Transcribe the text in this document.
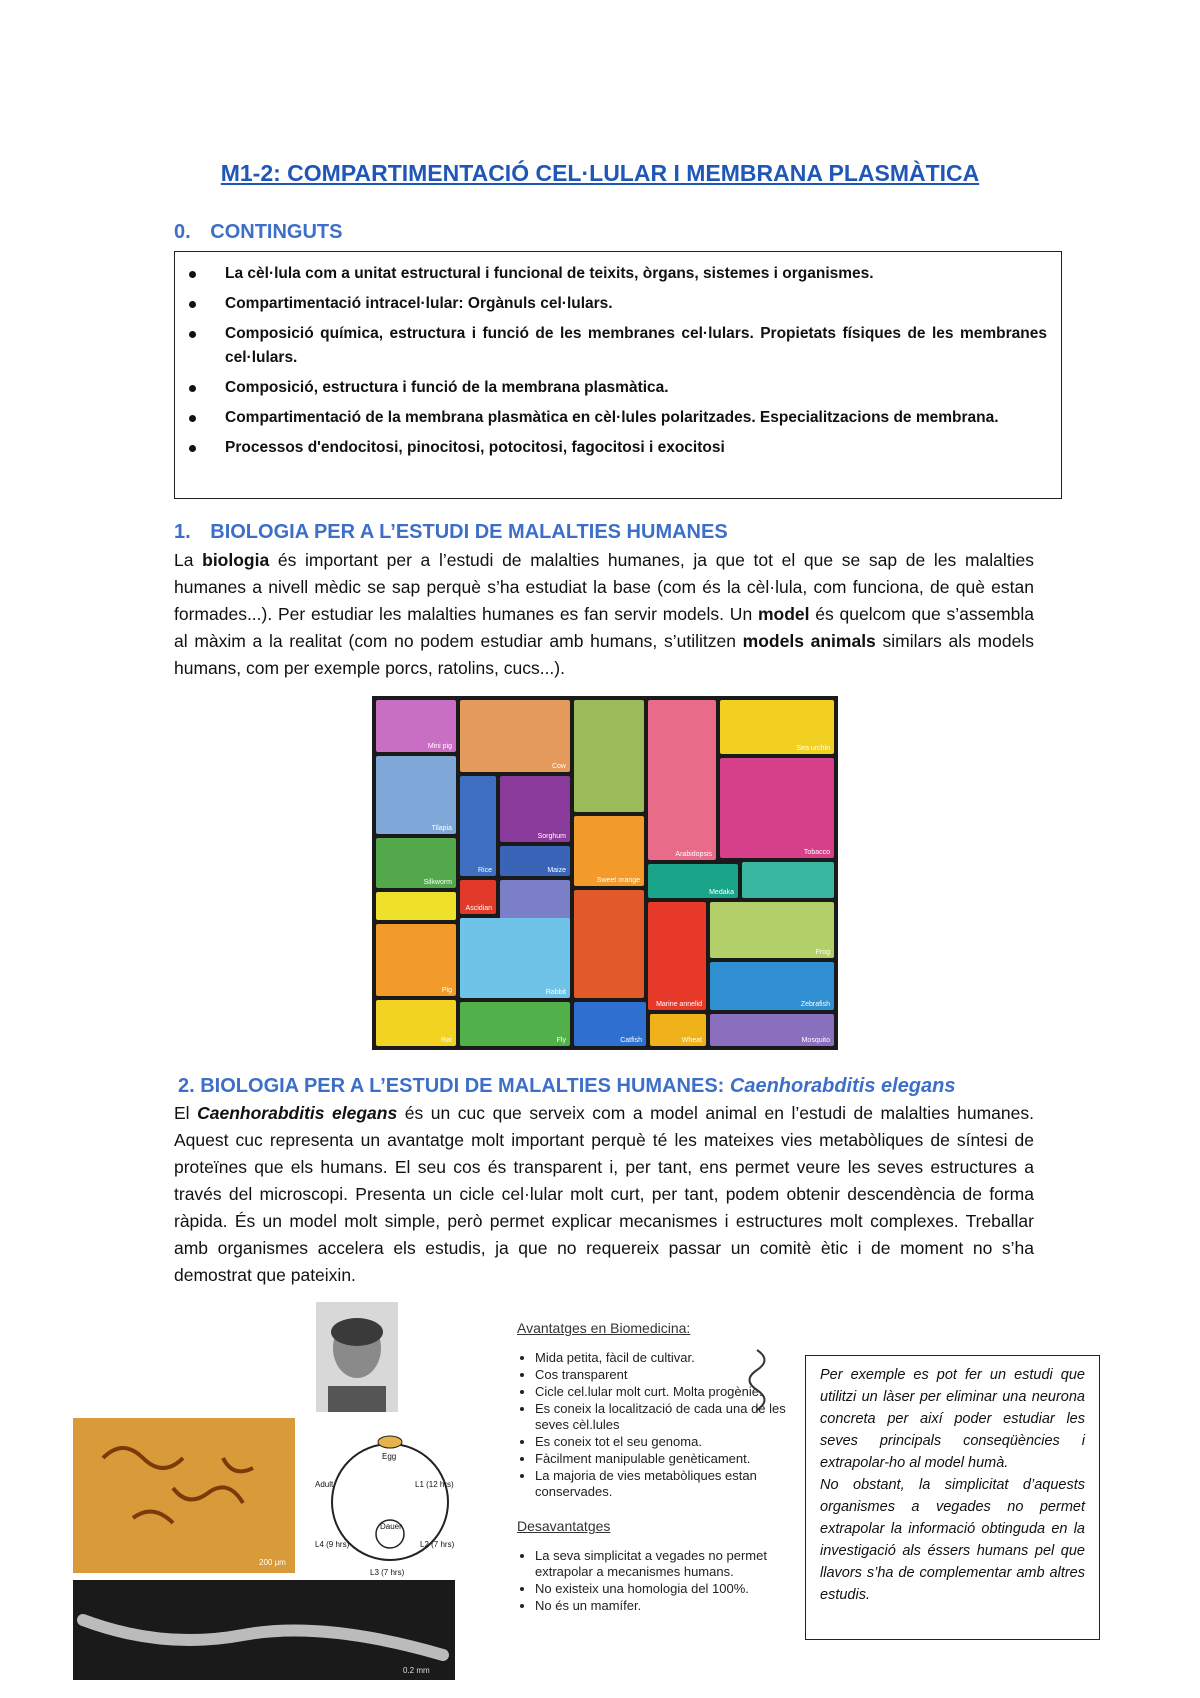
M1-2: COMPARTIMENTACIÓ CEL·LULAR I MEMBRANA PLASMÀTICA
0. CONTINGUTS
La cèl·lula com a unitat estructural i funcional de teixits, òrgans, sistemes i organismes.
Compartimentació intracel·lular: Orgànuls cel·lulars.
Composició química, estructura i funció de les membranes cel·lulars. Propietats físiques de les membranes cel·lulars.
Composició, estructura i funció de la membrana plasmàtica.
Compartimentació de la membrana plasmàtica en cèl·lules polaritzades. Especialitzacions de membrana.
Processos d'endocitosi, pinocitosi, potocitosi, fagocitosi i exocitosi
1. BIOLOGIA PER A L’ESTUDI DE MALALTIES HUMANES
La biologia és important per a l’estudi de malalties humanes, ja que tot el que se sap de les malalties humanes a nivell mèdic se sap perquè s’ha estudiat la base (com és la cèl·lula, com funciona, de què estan formades...). Per estudiar les malalties humanes es fan servir models. Un model és quelcom que s’assembla al màxim a la realitat (com no podem estudiar amb humans, s’utilitzen models animals similars als models humans, com per exemple porcs, ratolins, cucs...).
Mini pig
Cow
Arabidopsis
Sea urchin
Tilapia
Rice
Sorghum
Tobacco
Silkworm
Maize
Sweet orange
Medaka
Ascidian
Marine annelid
Frog
Pig	Rabbit
Zebrafish
Catfish
Rat	Fly	Wheat	Mosquito
2. BIOLOGIA PER A L’ESTUDI DE MALALTIES HUMANES: Caenhorabditis elegans
El Caenhorabditis elegans és un cuc que serveix com a model animal en l’estudi de malalties humanes. Aquest cuc representa un avantatge molt important perquè té les mateixes vies metabòliques de síntesi de proteïnes que els humans. El seu cos és transparent i, per tant, ens permet veure les seves estructures a través del microscopi. Presenta un cicle cel·lular molt curt, per tant, podem obtenir descendència de forma ràpida. És un model molt simple, però permet explicar mecanismes i estructures molt complexes. Treballar amb organismes accelera els estudis, ja que no requereix passar un comitè ètic i de moment no s’ha demostrat que pateixin.
200 μm
Egg
Adult	L1 (12 hrs)
Dauer
L4 (9 hrs)	L2 (7 hrs)
L3 (7 hrs)
0.2 mm
Avantatges en Biomedicina:
• Mida petita, fàcil de cultivar.
• Cos transparent
• Cicle cel.lular molt curt. Molta progènie.
• Es coneix la localització de cada una de les seves cèl.lules
• Es coneix tot el seu genoma.
• Fàcilment manipulable genèticament.
• La majoria de vies metabòliques estan conservades.
Desavantatges
• La seva simplicitat a vegades no permet extrapolar a mecanismes humans.
• No existeix una homologia del 100%.
• No és un mamífer.
Per exemple es pot fer un estudi que utilitzi un làser per eliminar una neurona concreta per així poder estudiar les seves principals conseqüències i extrapolar-ho al model humà.
No obstant, la simplicitat d’aquests organismes a vegades no permet extrapolar la informació obtinguda en la investigació als éssers humans pel que llavors s’ha de complementar amb altres estudis.
